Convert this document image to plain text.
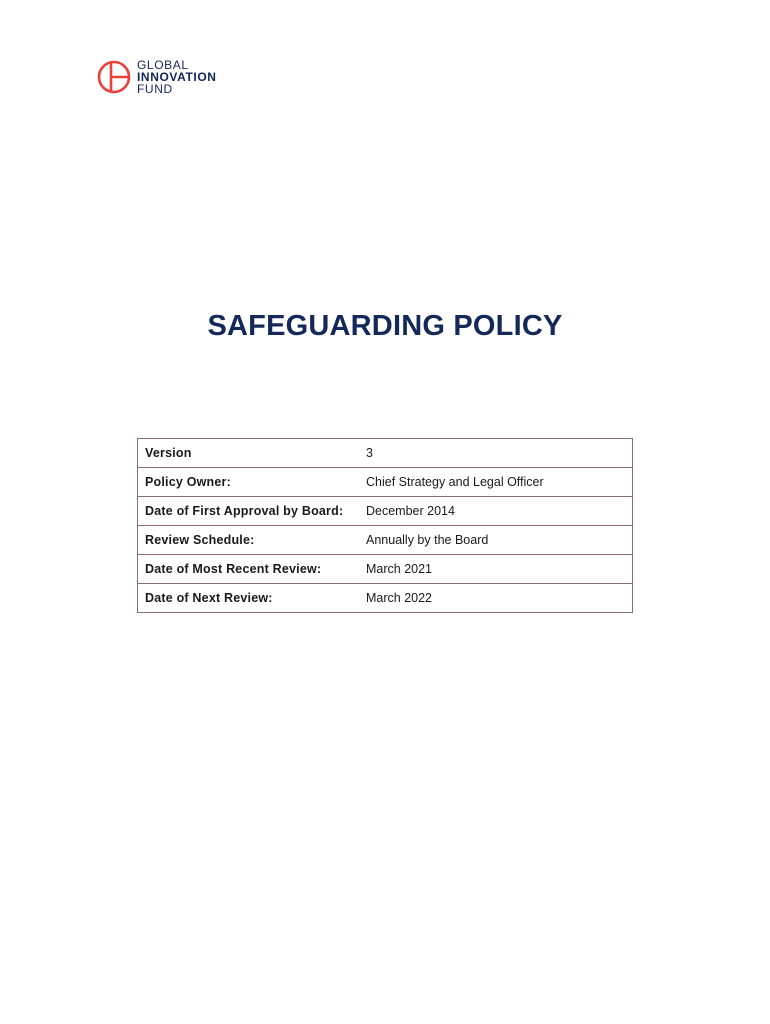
GLOBAL
INNOVATION
FUND
SAFEGUARDING POLICY
Version	3
Policy Owner:	Chief Strategy and Legal Officer
Date of First Approval by Board:	December 2014
Review Schedule:	Annually by the Board
Date of Most Recent Review:	March 2021
Date of Next Review:	March 2022
